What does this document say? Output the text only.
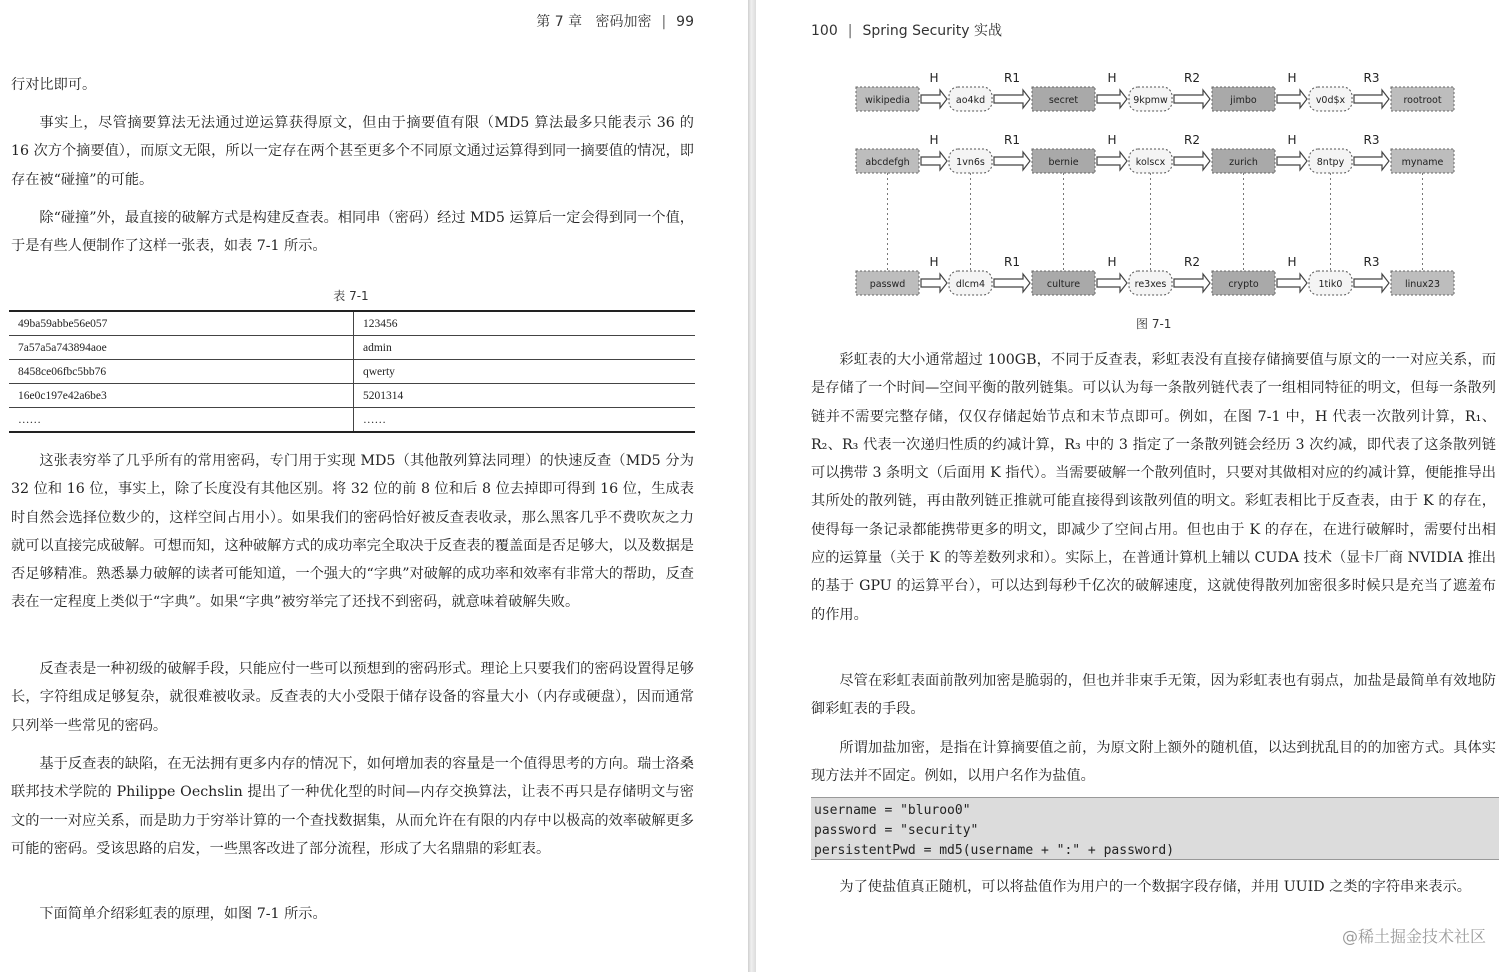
第 7 章 密码加密 | 99

行对比即可。

事实上，尽管摘要算法无法通过逆运算获得原文，但由于摘要值有限（MD5 算法最多只能表示 36 的 16 次方个摘要值），而原文无限，所以一定存在两个甚至更多个不同原文通过运算得到同一摘要值的情况，即存在被“碰撞”的可能。

除“碰撞”外，最直接的破解方式是构建反查表。相同串（密码）经过 MD5 运算后一定会得到同一个值，于是有些人便制作了这样一张表，如表 7-1 所示。

表 7-1
49ba59abbe56e057	123456
7a57a5a743894aoe	admin
8458ce06fbc5bb76	qwerty
16e0c197e42a6be3	5201314
……	……

这张表穷举了几乎所有的常用密码，专门用于实现 MD5（其他散列算法同理）的快速反查（MD5 分为 32 位和 16 位，事实上，除了长度没有其他区别。将 32 位的前 8 位和后 8 位去掉即可得到 16 位，生成表时自然会选择位数少的，这样空间占用小）。如果我们的密码恰好被反查表收录，那么黑客几乎不费吹灰之力就可以直接完成破解。可想而知，这种破解方式的成功率完全取决于反查表的覆盖面是否足够大，以及数据是否足够精准。熟悉暴力破解的读者可能知道，一个强大的“字典”对破解的成功率和效率有非常大的帮助，反查表在一定程度上类似于“字典”。如果“字典”被穷举完了还找不到密码，就意味着破解失败。

反查表是一种初级的破解手段，只能应付一些可以预想到的密码形式。理论上只要我们的密码设置得足够长，字符组成足够复杂，就很难被收录。反查表的大小受限于储存设备的容量大小（内存或硬盘），因而通常只列举一些常见的密码。

基于反查表的缺陷，在无法拥有更多内存的情况下，如何增加表的容量是一个值得思考的方向。瑞士洛桑联邦技术学院的 Philippe Oechslin 提出了一种优化型的时间—内存交换算法，让表不再只是存储明文与密文的一一对应关系，而是助力于穷举计算的一个查找数据集，从而允许在有限的内存中以极高的效率破解更多可能的密码。受该思路的启发，一些黑客改进了部分流程，形成了大名鼎鼎的彩虹表。

下面简单介绍彩虹表的原理，如图 7-1 所示。

100 | Spring Security 实战
H	R1	H	R2	H	R3
wikipedia	ao4kd	secret	9kpmw	jimbo	v0d$x	rootroot
H	R1	H	R2	H	R3
abcdefgh	1vn6s	bernie	kolscx	zurich	8ntpy	myname
H	R1	H	R2	H	R3
passwd	dlcm4	culture	re3xes	crypto	1tik0	linux23
图 7-1

彩虹表的大小通常超过 100GB，不同于反查表，彩虹表没有直接存储摘要值与原文的一一对应关系，而是存储了一个时间—空间平衡的散列链集。可以认为每一条散列链代表了一组相同特征的明文，但每一条散列链并不需要完整存储，仅仅存储起始节点和末节点即可。例如，在图 7-1 中，H 代表一次散列计算，R₁、R₂、R₃ 代表一次递归性质的约减计算，R₃ 中的 3 指定了一条散列链会经历 3 次约减，即代表了这条散列链可以携带 3 条明文（后面用 K 指代）。当需要破解一个散列值时，只要对其做相对应的约减计算，便能推导出其所处的散列链，再由散列链正推就可能直接得到该散列值的明文。彩虹表相比于反查表，由于 K 的存在，使得每一条记录都能携带更多的明文，即减少了空间占用。但也由于 K 的存在，在进行破解时，需要付出相应的运算量（关于 K 的等差数列求和）。实际上，在普通计算机上辅以 CUDA 技术（显卡厂商 NVIDIA 推出的基于 GPU 的运算平台），可以达到每秒千亿次的破解速度，这就使得散列加密很多时候只是充当了遮羞布的作用。

尽管在彩虹表面前散列加密是脆弱的，但也并非束手无策，因为彩虹表也有弱点，加盐是最简单有效地防御彩虹表的手段。

所谓加盐加密，是指在计算摘要值之前，为原文附上额外的随机值，以达到扰乱目的的加密方式。具体实现方法并不固定。例如，以用户名作为盐值。

username = "bluroo0"
password = "security"
persistentPwd = md5(username + ":" + password)

为了使盐值真正随机，可以将盐值作为用户的一个数据字段存储，并用 UUID 之类的字符串来表示。

@稀土掘金技术社区
